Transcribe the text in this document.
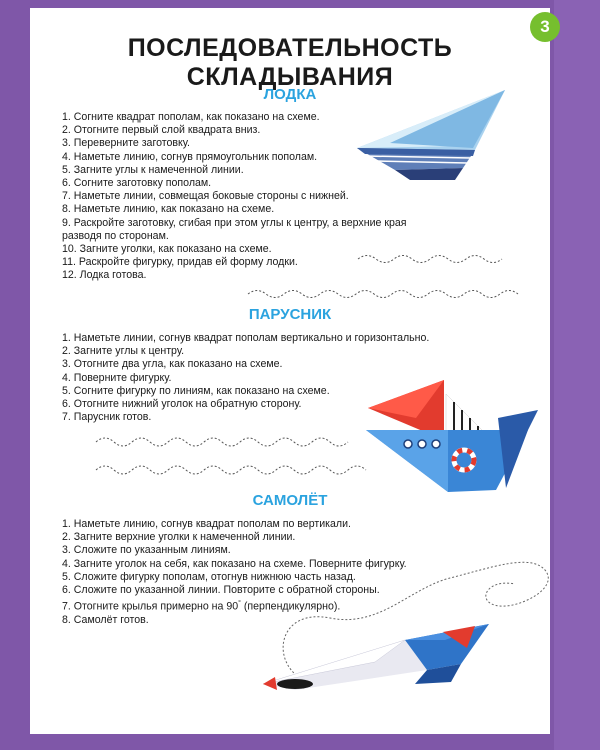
3
ПОСЛЕДОВАТЕЛЬНОСТЬ СКЛАДЫВАНИЯ
ЛОДКА
1. Согните квадрат пополам, как показано на схеме.
2. Отогните первый слой квадрата вниз.
3. Переверните заготовку.
4. Наметьте линию, согнув прямоугольник пополам.
5. Загните углы к намеченной линии.
6. Согните заготовку пополам.
7. Наметьте линии, совмещая боковые стороны с нижней.
8. Наметьте линию, как показано на схеме.
9. Раскройте заготовку, сгибая при этом углы к центру, а верхние края
разводя по сторонам.
10. Загните уголки, как показано на схеме.
11. Раскройте фигурку, придав ей форму лодки.
12. Лодка готова.
ПАРУСНИК
1. Наметьте линии, согнув квадрат пополам вертикально и горизонтально.
2. Загните углы к центру.
3. Отогните два угла, как показано на схеме.
4. Поверните фигурку.
5. Согните фигурку по линиям, как показано на схеме.
6. Отогните нижний уголок на обратную сторону.
7. Парусник готов.
САМОЛЁТ
1. Наметьте линию, согнув квадрат пополам по вертикали.
2. Загните верхние уголки к намеченной линии.
3. Сложите по указанным линиям.
4. Загните уголок на себя, как показано на схеме. Поверните фигурку.
5. Сложите фигурку пополам, отогнув нижнюю часть назад.
6. Сложите по указанной линии. Повторите с обратной стороны.
7. Отогните крылья примерно на 90° (перпендикулярно).
8. Самолёт готов.
